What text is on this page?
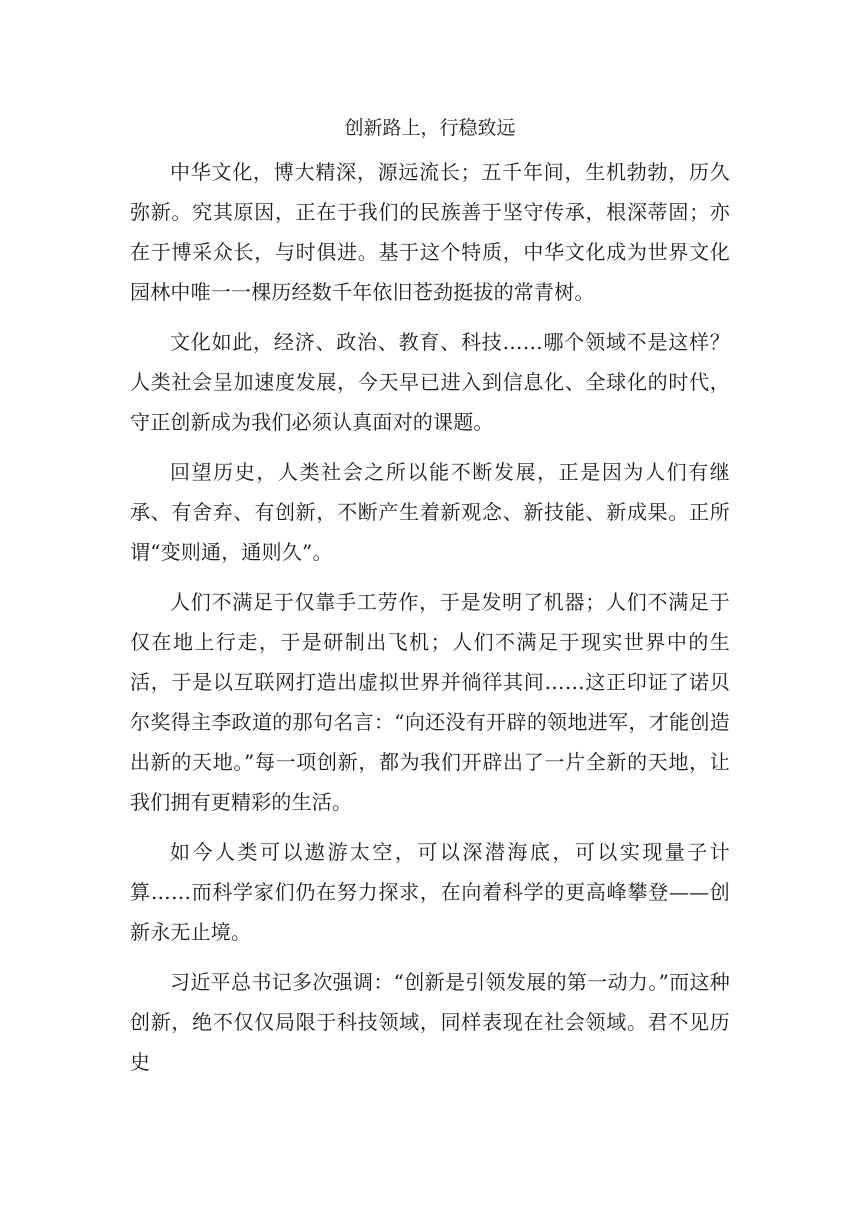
创新路上，行稳致远

中华文化，博大精深，源远流长；五千年间，生机勃勃，历久弥新。究其原因，正在于我们的民族善于坚守传承，根深蒂固；亦在于博采众长，与时俱进。基于这个特质，中华文化成为世界文化园林中唯一一棵历经数千年依旧苍劲挺拔的常青树。

文化如此，经济、政治、教育、科技……哪个领域不是这样？人类社会呈加速度发展，今天早已进入到信息化、全球化的时代，守正创新成为我们必须认真面对的课题。

回望历史，人类社会之所以能不断发展，正是因为人们有继承、有舍弃、有创新，不断产生着新观念、新技能、新成果。正所谓“变则通，通则久”。

人们不满足于仅靠手工劳作，于是发明了机器；人们不满足于仅在地上行走，于是研制出飞机；人们不满足于现实世界中的生活，于是以互联网打造出虚拟世界并徜徉其间……这正印证了诺贝尔奖得主李政道的那句名言：“向还没有开辟的领地进军，才能创造出新的天地。”每一项创新，都为我们开辟出了一片全新的天地，让我们拥有更精彩的生活。

如今人类可以遨游太空，可以深潜海底，可以实现量子计算……而科学家们仍在努力探求，在向着科学的更高峰攀登——创新永无止境。

习近平总书记多次强调：“创新是引领发展的第一动力。”而这种创新，绝不仅仅局限于科技领域，同样表现在社会领域。君不见历史
